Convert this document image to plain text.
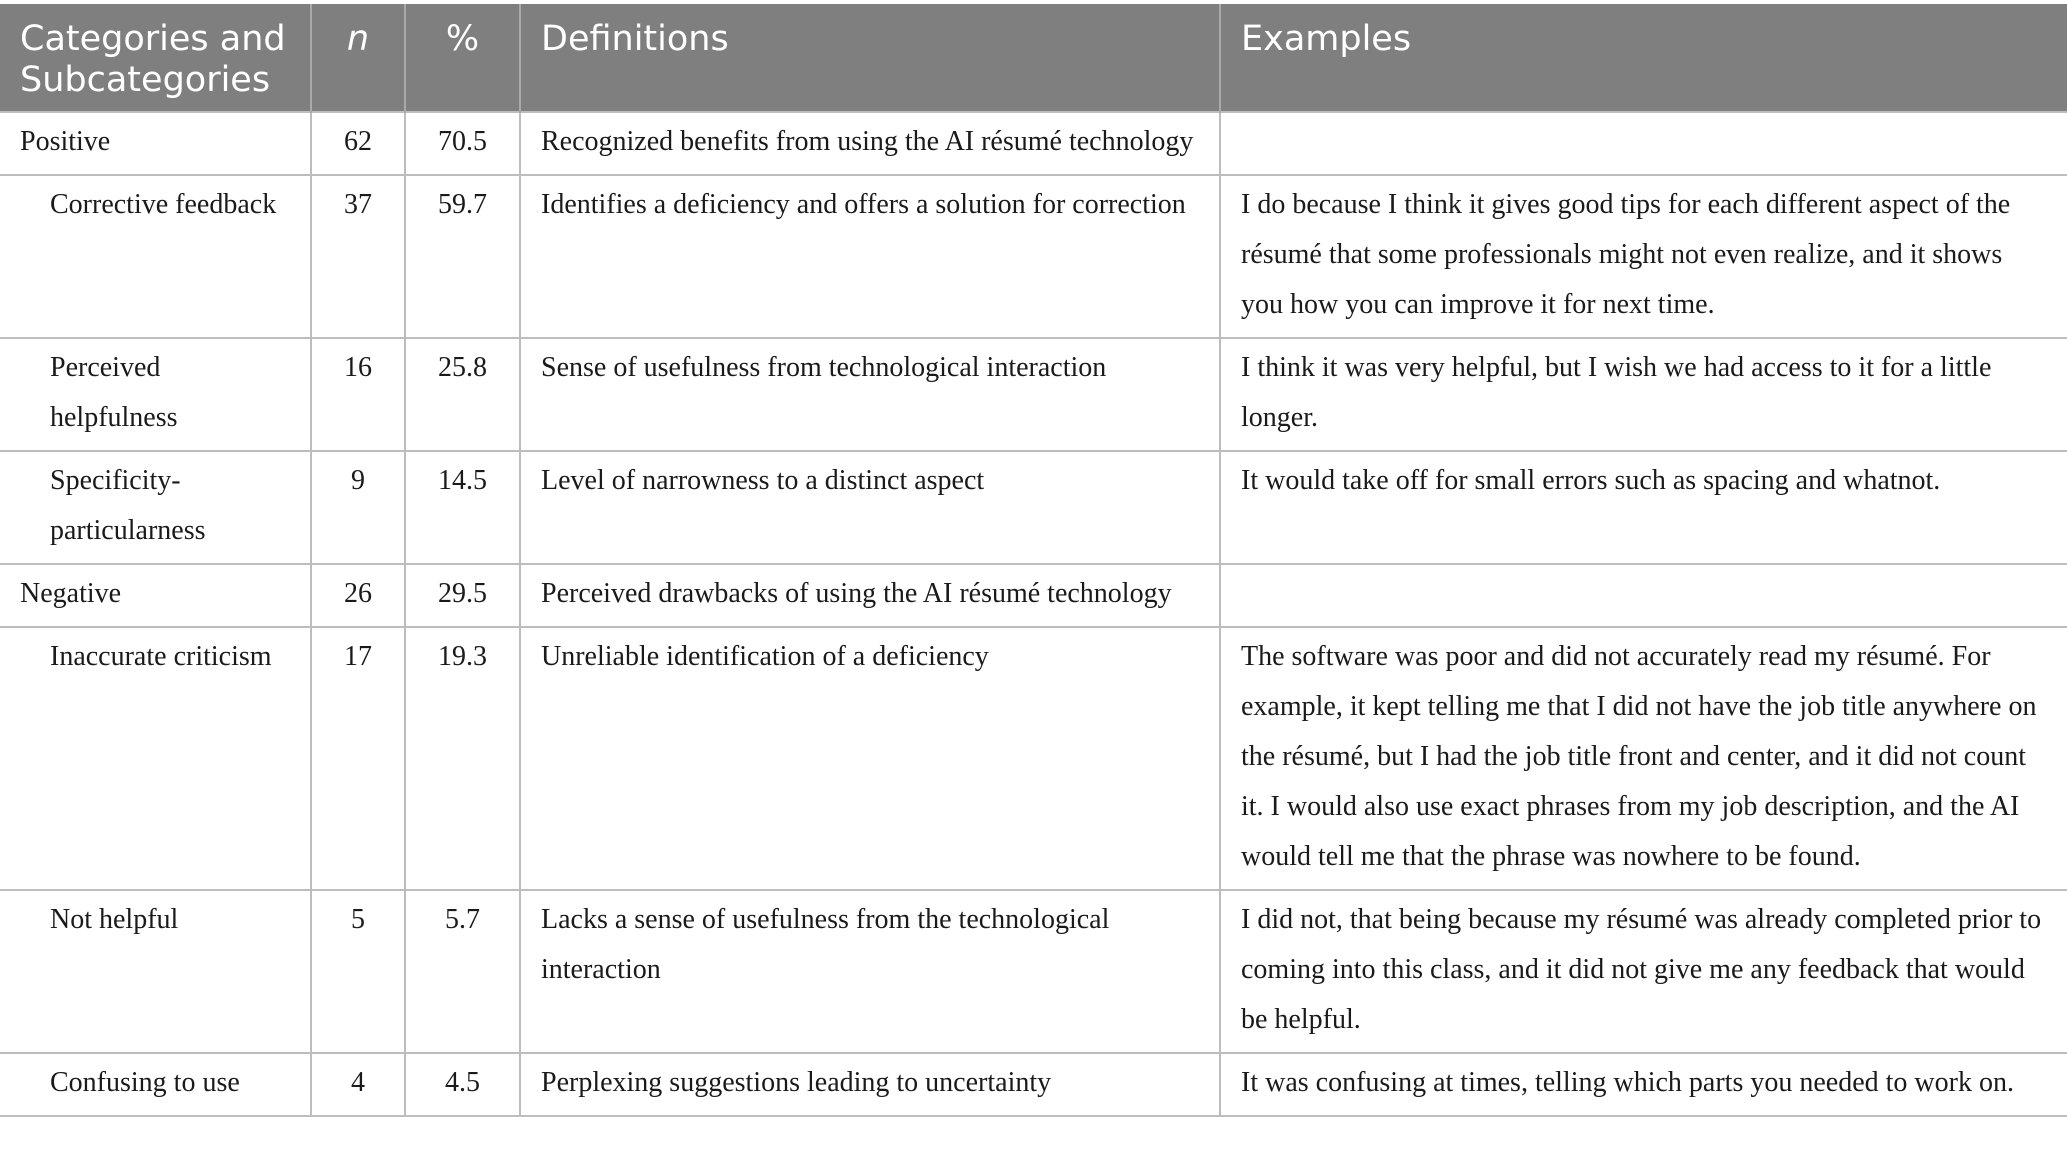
Categories and Subcategories	n	%	Definitions	Examples
Positive	62	70.5	Recognized benefits from using the AI résumé technology	
Corrective feedback	37	59.7	Identifies a deficiency and offers a solution for correction	I do because I think it gives good tips for each different aspect of the résumé that some professionals might not even realize, and it shows you how you can improve it for next time.
Perceived helpfulness	16	25.8	Sense of usefulness from technological interaction	I think it was very helpful, but I wish we had access to it for a little longer.
Specificity-particularness	9	14.5	Level of narrowness to a distinct aspect	It would take off for small errors such as spacing and whatnot.
Negative	26	29.5	Perceived drawbacks of using the AI résumé technology	
Inaccurate criticism	17	19.3	Unreliable identification of a deficiency	The software was poor and did not accurately read my résumé. For example, it kept telling me that I did not have the job title anywhere on the résumé, but I had the job title front and center, and it did not count it. I would also use exact phrases from my job description, and the AI would tell me that the phrase was nowhere to be found.
Not helpful	5	5.7	Lacks a sense of usefulness from the technological interaction	I did not, that being because my résumé was already completed prior to coming into this class, and it did not give me any feedback that would be helpful.
Confusing to use	4	4.5	Perplexing suggestions leading to uncertainty	It was confusing at times, telling which parts you needed to work on.
